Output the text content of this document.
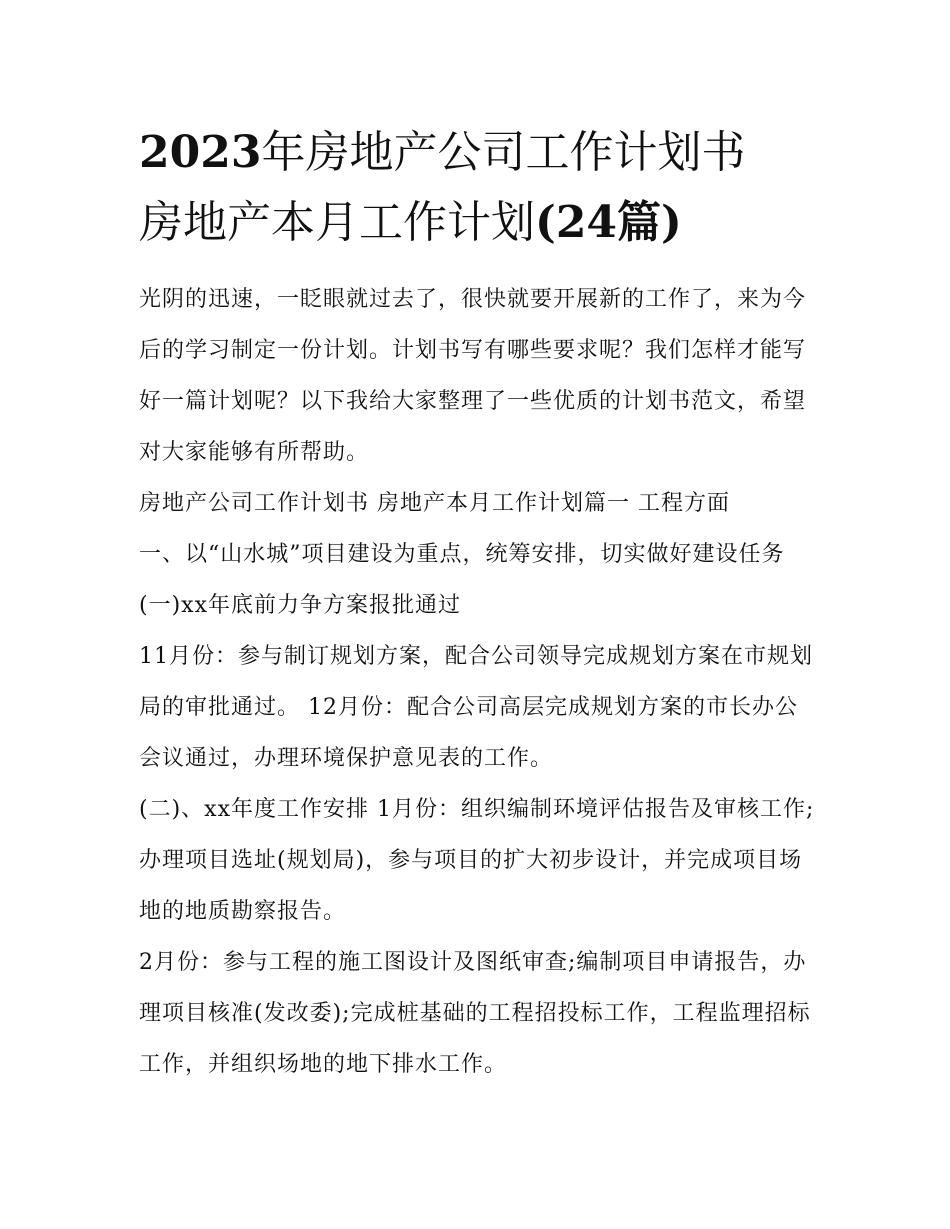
2023年房地产公司工作计划书
房地产本月工作计划(24篇)

光阴的迅速，一眨眼就过去了，很快就要开展新的工作了，来为今后的学习制定一份计划。计划书写有哪些要求呢？我们怎样才能写好一篇计划呢？以下我给大家整理了一些优质的计划书范文，希望对大家能够有所帮助。

房地产公司工作计划书 房地产本月工作计划篇一 工程方面

一、以“山水城”项目建设为重点，统筹安排，切实做好建设任务 (一)xx年底前力争方案报批通过

11月份：参与制订规划方案，配合公司领导完成规划方案在市规划局的审批通过。 12月份：配合公司高层完成规划方案的市长办公会议通过，办理环境保护意见表的工作。

(二)、xx年度工作安排 1月份：组织编制环境评估报告及审核工作;办理项目选址(规划局)，参与项目的扩大初步设计，并完成项目场地的地质勘察报告。

2月份：参与工程的施工图设计及图纸审查;编制项目申请报告，办理项目核准(发改委);完成桩基础的工程招投标工作，工程监理招标工作，并组织场地的地下排水工作。
